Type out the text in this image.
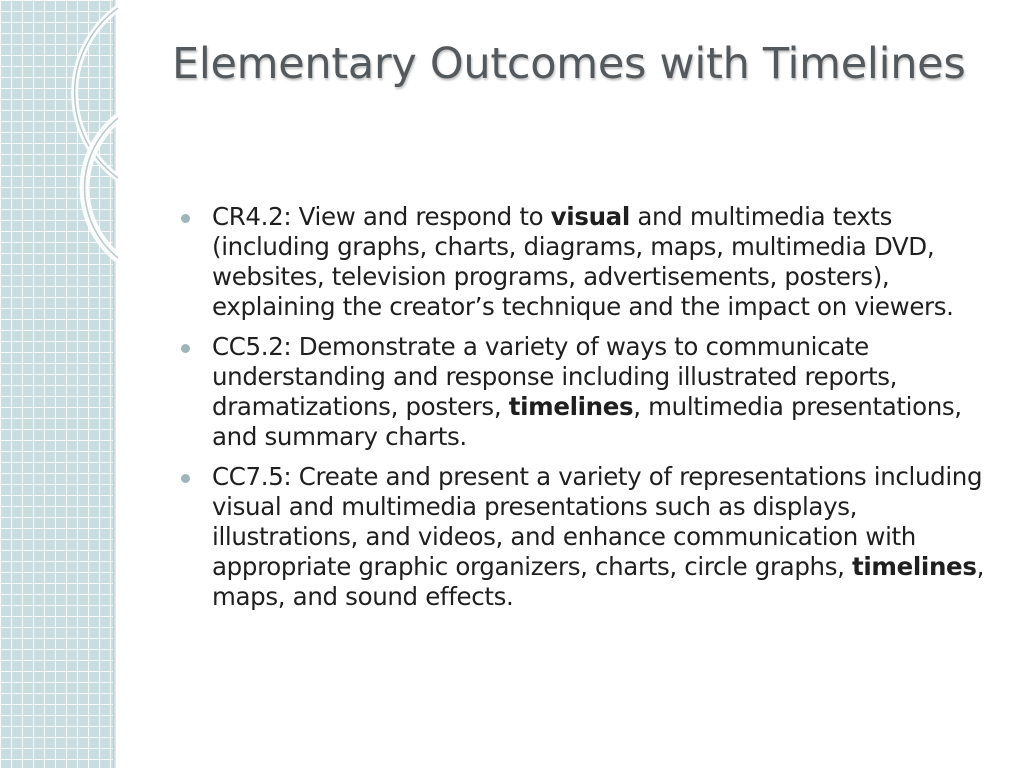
Elementary Outcomes with Timelines
CR4.2: View and respond to visual and multimedia texts (including graphs, charts, diagrams, maps, multimedia DVD, websites, television programs, advertisements, posters), explaining the creator’s technique and the impact on viewers.
CC5.2: Demonstrate a variety of ways to communicate understanding and response including illustrated reports, dramatizations, posters, timelines, multimedia presentations, and summary charts.
CC7.5: Create and present a variety of representations including visual and multimedia presentations such as displays, illustrations, and videos, and enhance communication with appropriate graphic organizers, charts, circle graphs, timelines, maps, and sound effects.
